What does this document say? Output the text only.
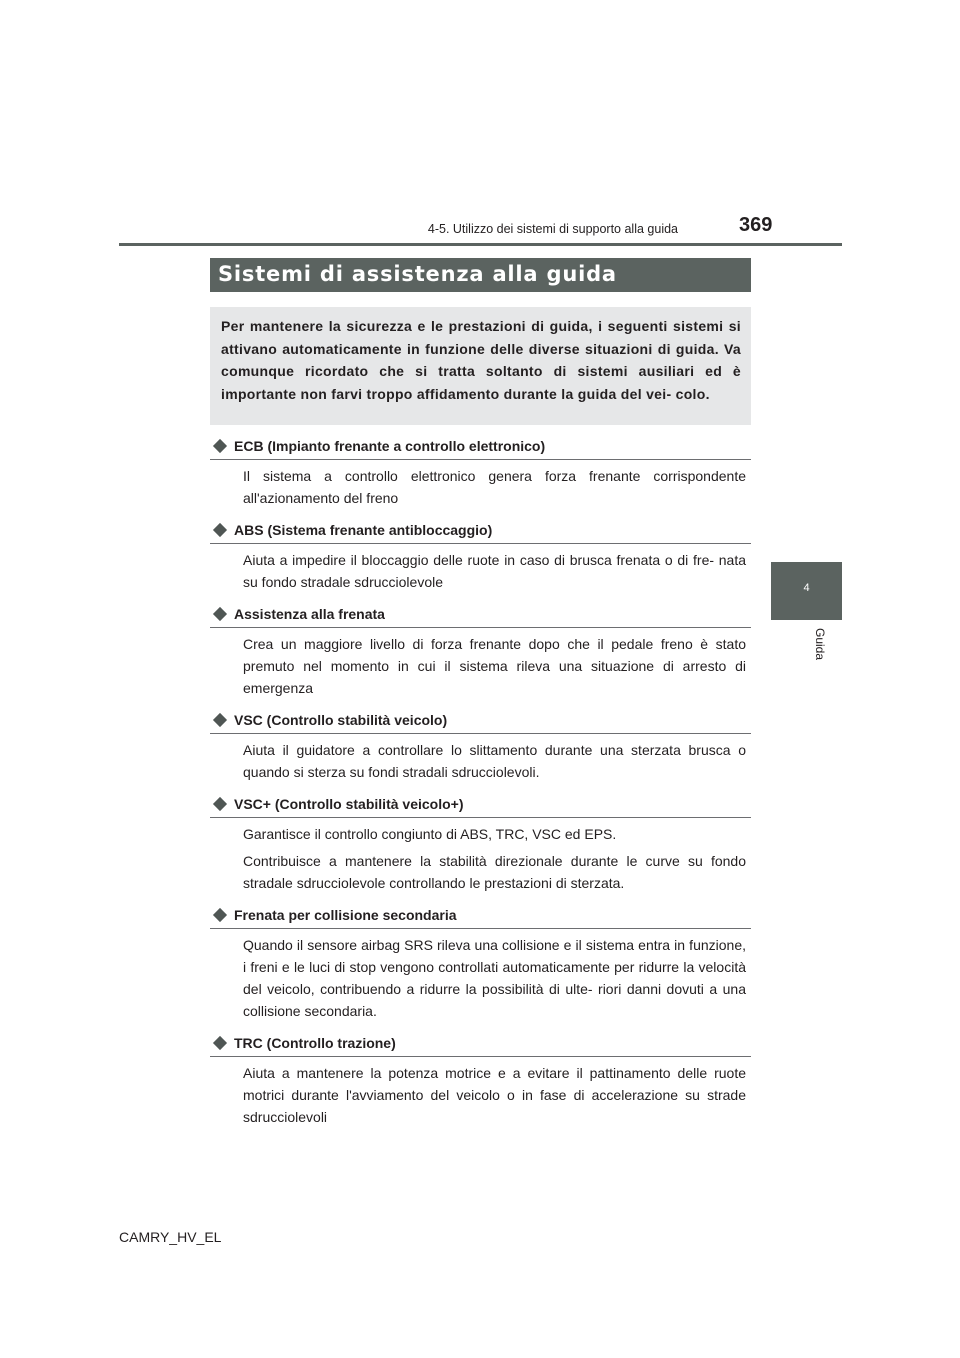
4-5. Utilizzo dei sistemi di supporto alla guida	369
4
Guida
Sistemi di assistenza alla guida

Per mantenere la sicurezza e le prestazioni di guida, i seguenti sistemi si attivano automaticamente in funzione delle diverse situazioni di guida. Va comunque ricordato che si tratta soltanto di sistemi ausiliari ed è importante non farvi troppo affidamento durante la guida del vei- colo.

ECB (Impianto frenante a controllo elettronico)

Il sistema a controllo elettronico genera forza frenante corrispondente all'azionamento del freno

ABS (Sistema frenante antibloccaggio)

Aiuta a impedire il bloccaggio delle ruote in caso di brusca frenata o di fre- nata su fondo stradale sdrucciolevole

Assistenza alla frenata

Crea un maggiore livello di forza frenante dopo che il pedale freno è stato premuto nel momento in cui il sistema rileva una situazione di arresto di emergenza

VSC (Controllo stabilità veicolo)

Aiuta il guidatore a controllare lo slittamento durante una sterzata brusca o quando si sterza su fondi stradali sdrucciolevoli.

VSC+ (Controllo stabilità veicolo+)

Garantisce il controllo congiunto di ABS, TRC, VSC ed EPS.

Contribuisce a mantenere la stabilità direzionale durante le curve su fondo stradale sdrucciolevole controllando le prestazioni di sterzata.

Frenata per collisione secondaria

Quando il sensore airbag SRS rileva una collisione e il sistema entra in funzione, i freni e le luci di stop vengono controllati automaticamente per ridurre la velocità del veicolo, contribuendo a ridurre la possibilità di ulte- riori danni dovuti a una collisione secondaria.

TRC (Controllo trazione)

Aiuta a mantenere la potenza motrice e a evitare il pattinamento delle ruote motrici durante l'avviamento del veicolo o in fase di accelerazione su strade sdrucciolevoli

CAMRY_HV_EL
